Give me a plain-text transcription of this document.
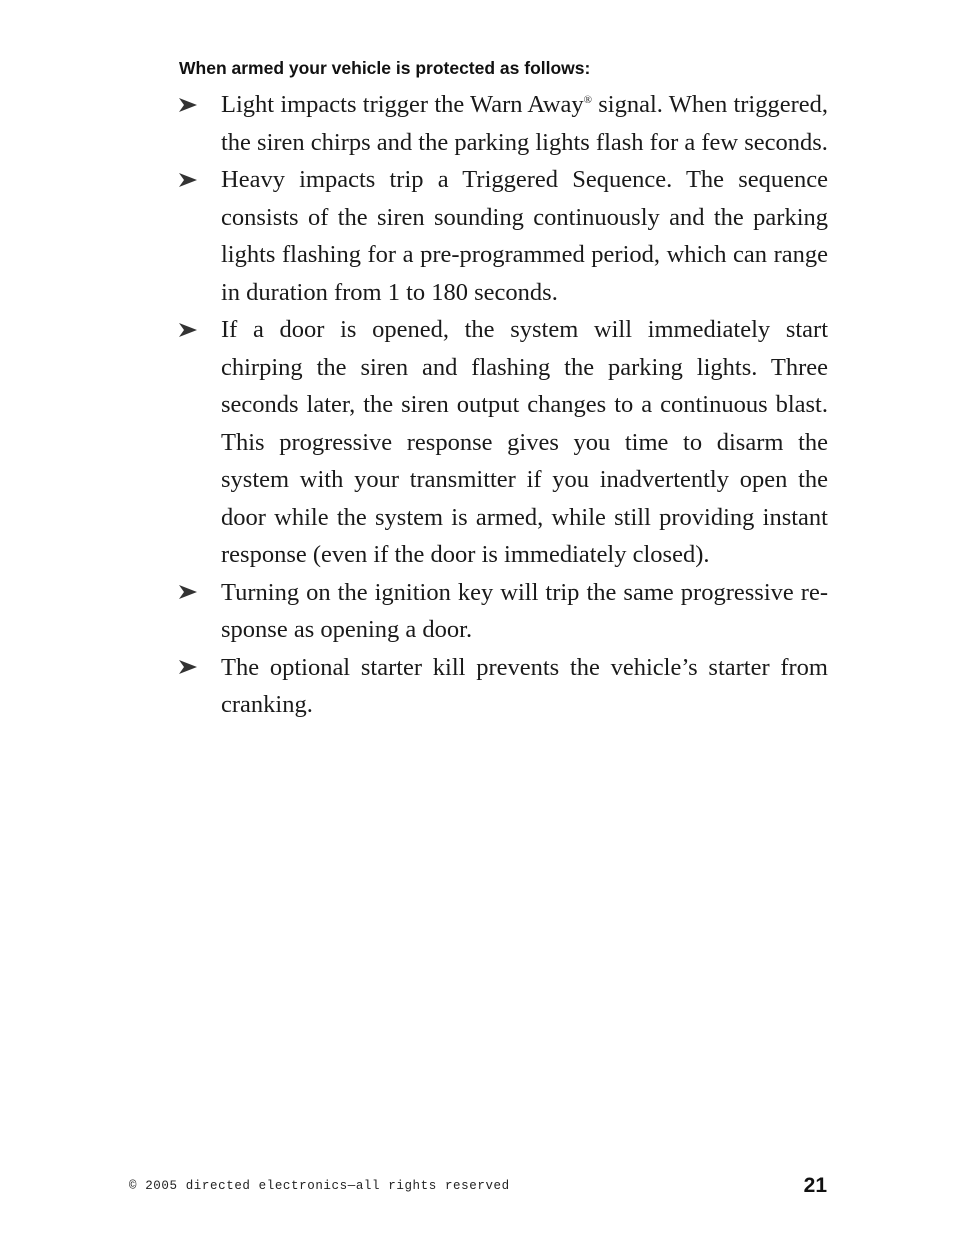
When armed your vehicle is protected as follows:
Light impacts trigger the Warn Away® signal. When triggered, the siren chirps and the parking lights flash for a few seconds.
Heavy impacts trip a Triggered Sequence. The sequence consists of the siren sounding continuously and the parking lights flashing for a pre-programmed period, which can range in duration from 1 to 180 seconds.
If a door is opened, the system will immediately start chirping the siren and flashing the parking lights. Three seconds later, the siren output changes to a continuous blast. This progressive response gives you time to disarm the system with your transmitter if you inadvertently open the door while the system is armed, while still providing instant response (even if the door is immediately closed).
Turning on the ignition key will trip the same progressive response as opening a door.
The optional starter kill prevents the vehicle’s starter from cranking.
© 2005 directed electronics—all rights reserved	21
